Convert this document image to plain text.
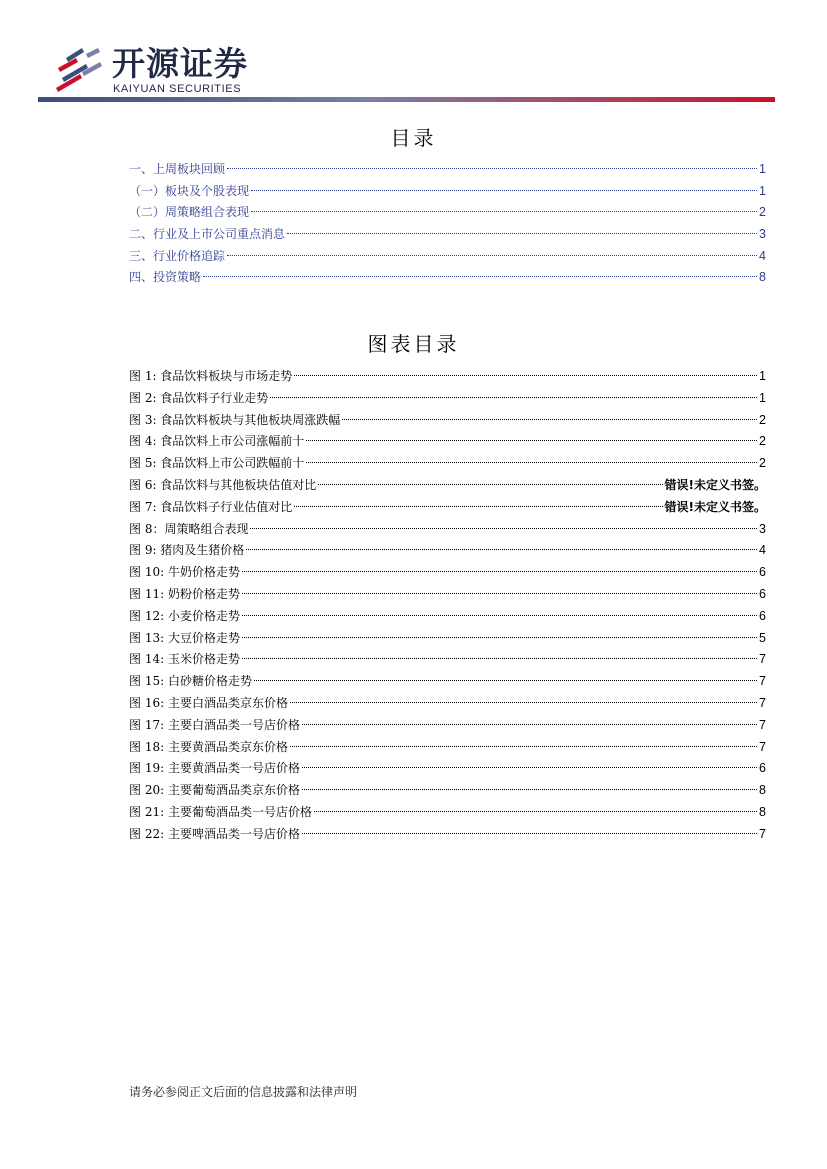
开源证券
KAIYUAN SECURITIES
目录
一、上周板块回顾	1
（一）板块及个股表现	1
（二）周策略组合表现	2
二、行业及上市公司重点消息	3
三、行业价格追踪	4
四、投资策略	8
图表目录
图 1: 食品饮料板块与市场走势	1
图 2: 食品饮料子行业走势	1
图 3: 食品饮料板块与其他板块周涨跌幅	2
图 4: 食品饮料上市公司涨幅前十	2
图 5: 食品饮料上市公司跌幅前十	2
图 6: 食品饮料与其他板块估值对比	错误!未定义书签。
图 7: 食品饮料子行业估值对比	错误!未定义书签。
图 8：周策略组合表现	3
图 9: 猪肉及生猪价格	4
图 10: 牛奶价格走势	6
图 11: 奶粉价格走势	6
图 12: 小麦价格走势	6
图 13: 大豆价格走势	5
图 14: 玉米价格走势	7
图 15: 白砂糖价格走势	7
图 16: 主要白酒品类京东价格	7
图 17: 主要白酒品类一号店价格	7
图 18: 主要黄酒品类京东价格	7
图 19: 主要黄酒品类一号店价格	6
图 20: 主要葡萄酒品类京东价格	8
图 21: 主要葡萄酒品类一号店价格	8
图 22: 主要啤酒品类一号店价格	7
请务必参阅正文后面的信息披露和法律声明
